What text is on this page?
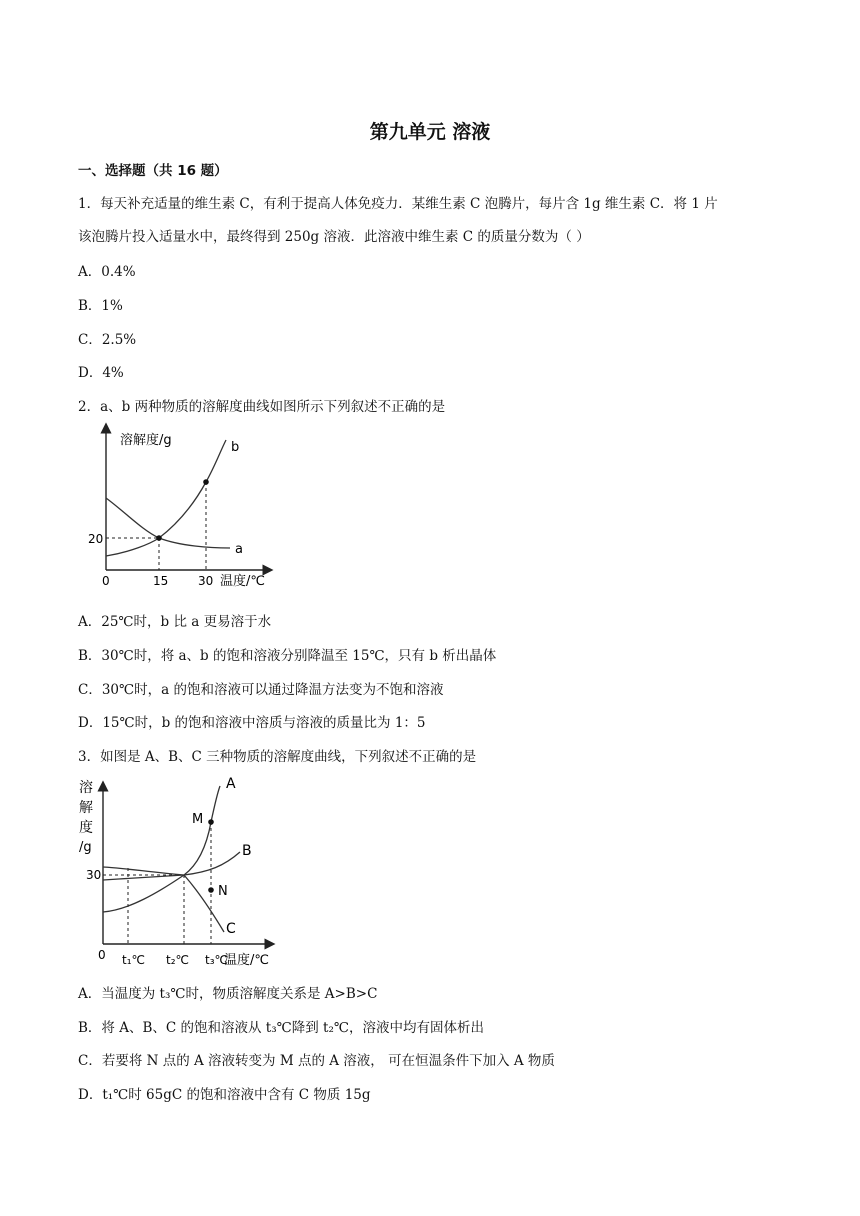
第九单元 溶液
一、选择题（共 16 题）
1．每天补充适量的维生素 C，有利于提高人体免疫力．某维生素 C 泡腾片，每片含 1g 维生素 C．将 1 片
该泡腾片投入适量水中，最终得到 250g 溶液．此溶液中维生素 C 的质量分数为（ ）
A．0.4%
B．1%
C．2.5%
D．4%
2．a、b 两种物质的溶解度曲线如图所示下列叙述不正确的是
溶解度/g
温度/℃
0	15 30
20
a
b
A．25℃时，b 比 a 更易溶于水
B．30℃时，将 a、b 的饱和溶液分别降温至 15℃，只有 b 析出晶体
C．30℃时，a 的饱和溶液可以通过降温方法变为不饱和溶液
D．15℃时，b 的饱和溶液中溶质与溶液的质量比为 1：5
3．如图是 A、B、C 三种物质的溶解度曲线，下列叙述不正确的是
溶
解
度
/g
温度/℃
0 t₁℃ t₂℃ t₃℃
30
M
N
A
B
C
A．当温度为 t₃℃时，物质溶解度关系是 A>B>C
B．将 A、B、C 的饱和溶液从 t₃℃降到 t₂℃，溶液中均有固体析出
C．若要将 N 点的 A 溶液转变为 M 点的 A 溶液， 可在恒温条件下加入 A 物质
D．t₁℃时 65gC 的饱和溶液中含有 C 物质 15g
